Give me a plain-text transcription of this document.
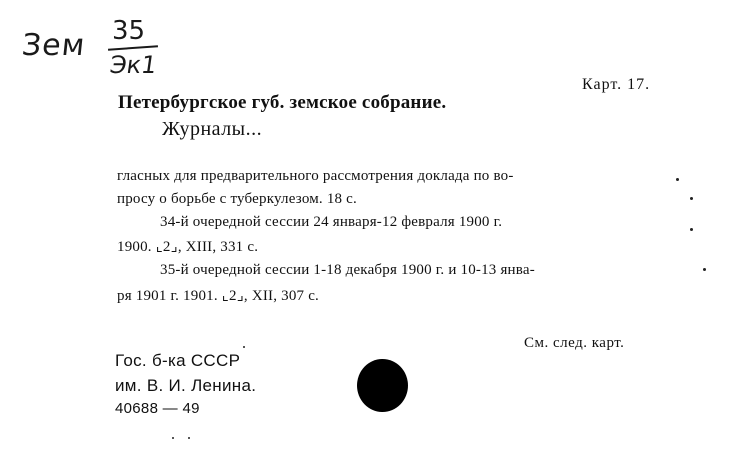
Зем 35
Эк1
Карт. 17.
Петербургское губ. земское собрание.
Журналы...
гласных для предварительного рассмотрения доклада по во-
просу о борьбе с туберкулезом. 18 с.
34-й очередной сессии 24 января-12 февраля 1900 г.
1900. ⌞2⌟, XIII, 331 с.
35-й очередной сессии 1-18 декабря 1900 г. и 10-13 янва-
ря 1901 г. 1901. ⌞2⌟, XII, 307 с.
См. след. карт.
Гос. б-ка СССР
им. В. И. Ленина.
40688 — 49
